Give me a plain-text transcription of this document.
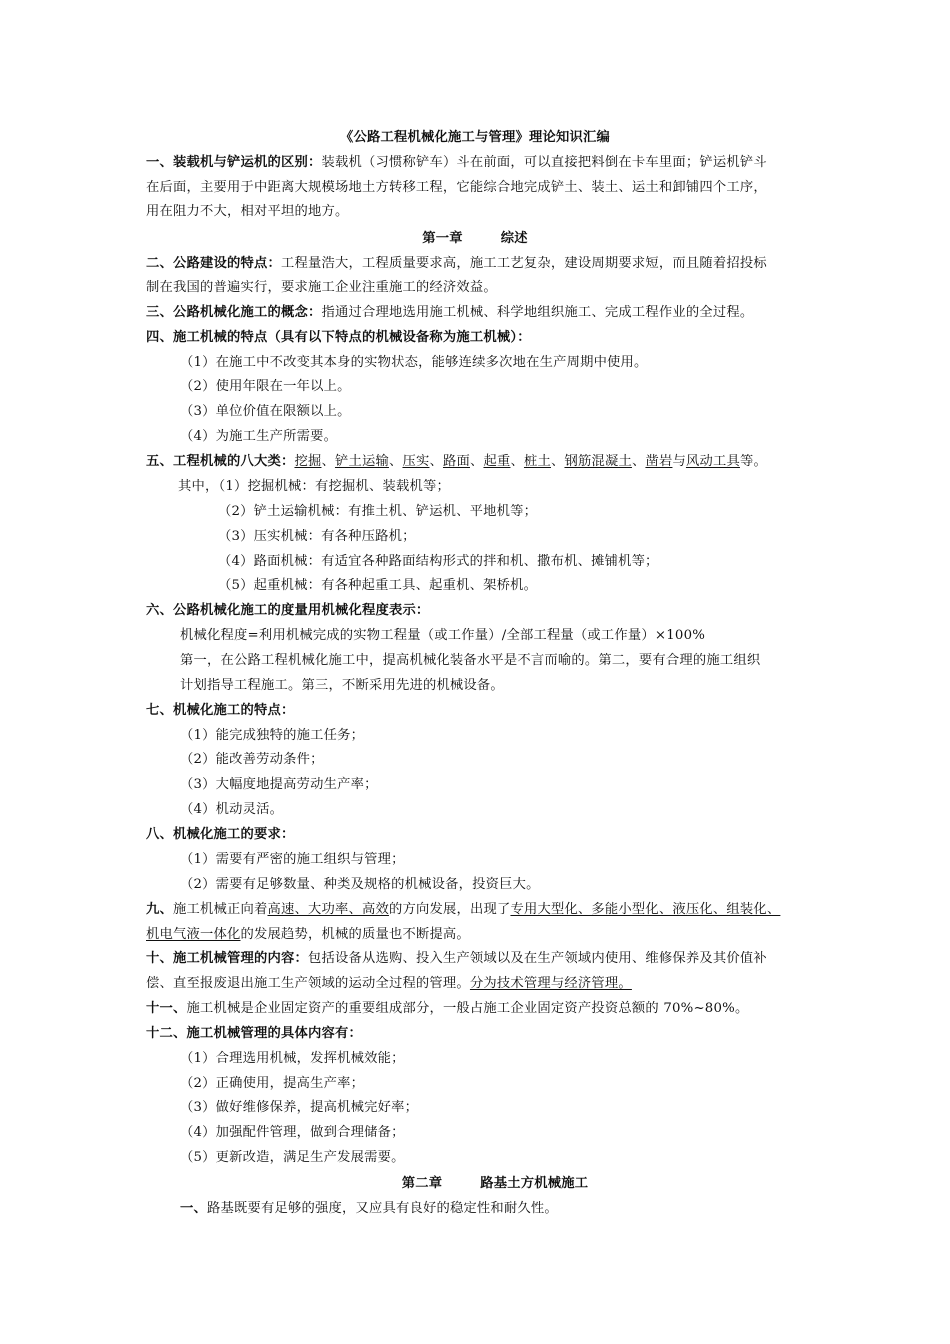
《公路工程机械化施工与管理》理论知识汇编
一、装载机与铲运机的区别：装载机（习惯称铲车）斗在前面，可以直接把料倒在卡车里面；铲运机铲斗
在后面，主要用于中距离大规模场地土方转移工程，它能综合地完成铲土、装土、运土和卸铺四个工序，
用在阻力不大，相对平坦的地方。
第一章	综述
二、公路建设的特点：工程量浩大，工程质量要求高，施工工艺复杂，建设周期要求短，而且随着招投标
制在我国的普遍实行，要求施工企业注重施工的经济效益。
三、公路机械化施工的概念：指通过合理地选用施工机械、科学地组织施工、完成工程作业的全过程。
四、施工机械的特点（具有以下特点的机械设备称为施工机械）：
（1）在施工中不改变其本身的实物状态，能够连续多次地在生产周期中使用。
（2）使用年限在一年以上。
（3）单位价值在限额以上。
（4）为施工生产所需要。
五、工程机械的八大类：挖掘、铲土运输、压实、路面、起重、桩土、钢筋混凝土、凿岩与风动工具等。
其中，（1）挖掘机械：有挖掘机、装载机等；
（2）铲土运输机械：有推土机、铲运机、平地机等；
（3）压实机械：有各种压路机；
（4）路面机械：有适宜各种路面结构形式的拌和机、撒布机、摊铺机等；
（5）起重机械：有各种起重工具、起重机、架桥机。
六、公路机械化施工的度量用机械化程度表示：
机械化程度=利用机械完成的实物工程量（或工作量）/全部工程量（或工作量）×100%
第一，在公路工程机械化施工中，提高机械化装备水平是不言而喻的。第二，要有合理的施工组织
计划指导工程施工。第三，不断采用先进的机械设备。
七、机械化施工的特点：
（1）能完成独特的施工任务；
（2）能改善劳动条件；
（3）大幅度地提高劳动生产率；
（4）机动灵活。
八、机械化施工的要求：
（1）需要有严密的施工组织与管理；
（2）需要有足够数量、种类及规格的机械设备，投资巨大。
九、施工机械正向着高速、大功率、高效的方向发展，出现了专用大型化、多能小型化、液压化、组装化、
机电气液一体化的发展趋势，机械的质量也不断提高。
十、施工机械管理的内容：包括设备从选购、投入生产领域以及在生产领域内使用、维修保养及其价值补
偿、直至报废退出施工生产领域的运动全过程的管理。分为技术管理与经济管理。
十一、施工机械是企业固定资产的重要组成部分，一般占施工企业固定资产投资总额的 70%~80%。
十二、施工机械管理的具体内容有：
（1）合理选用机械，发挥机械效能；
（2）正确使用，提高生产率；
（3）做好维修保养，提高机械完好率；
（4）加强配件管理，做到合理储备；
（5）更新改造，满足生产发展需要。
第二章	路基土方机械施工
一、路基既要有足够的强度，又应具有良好的稳定性和耐久性。
